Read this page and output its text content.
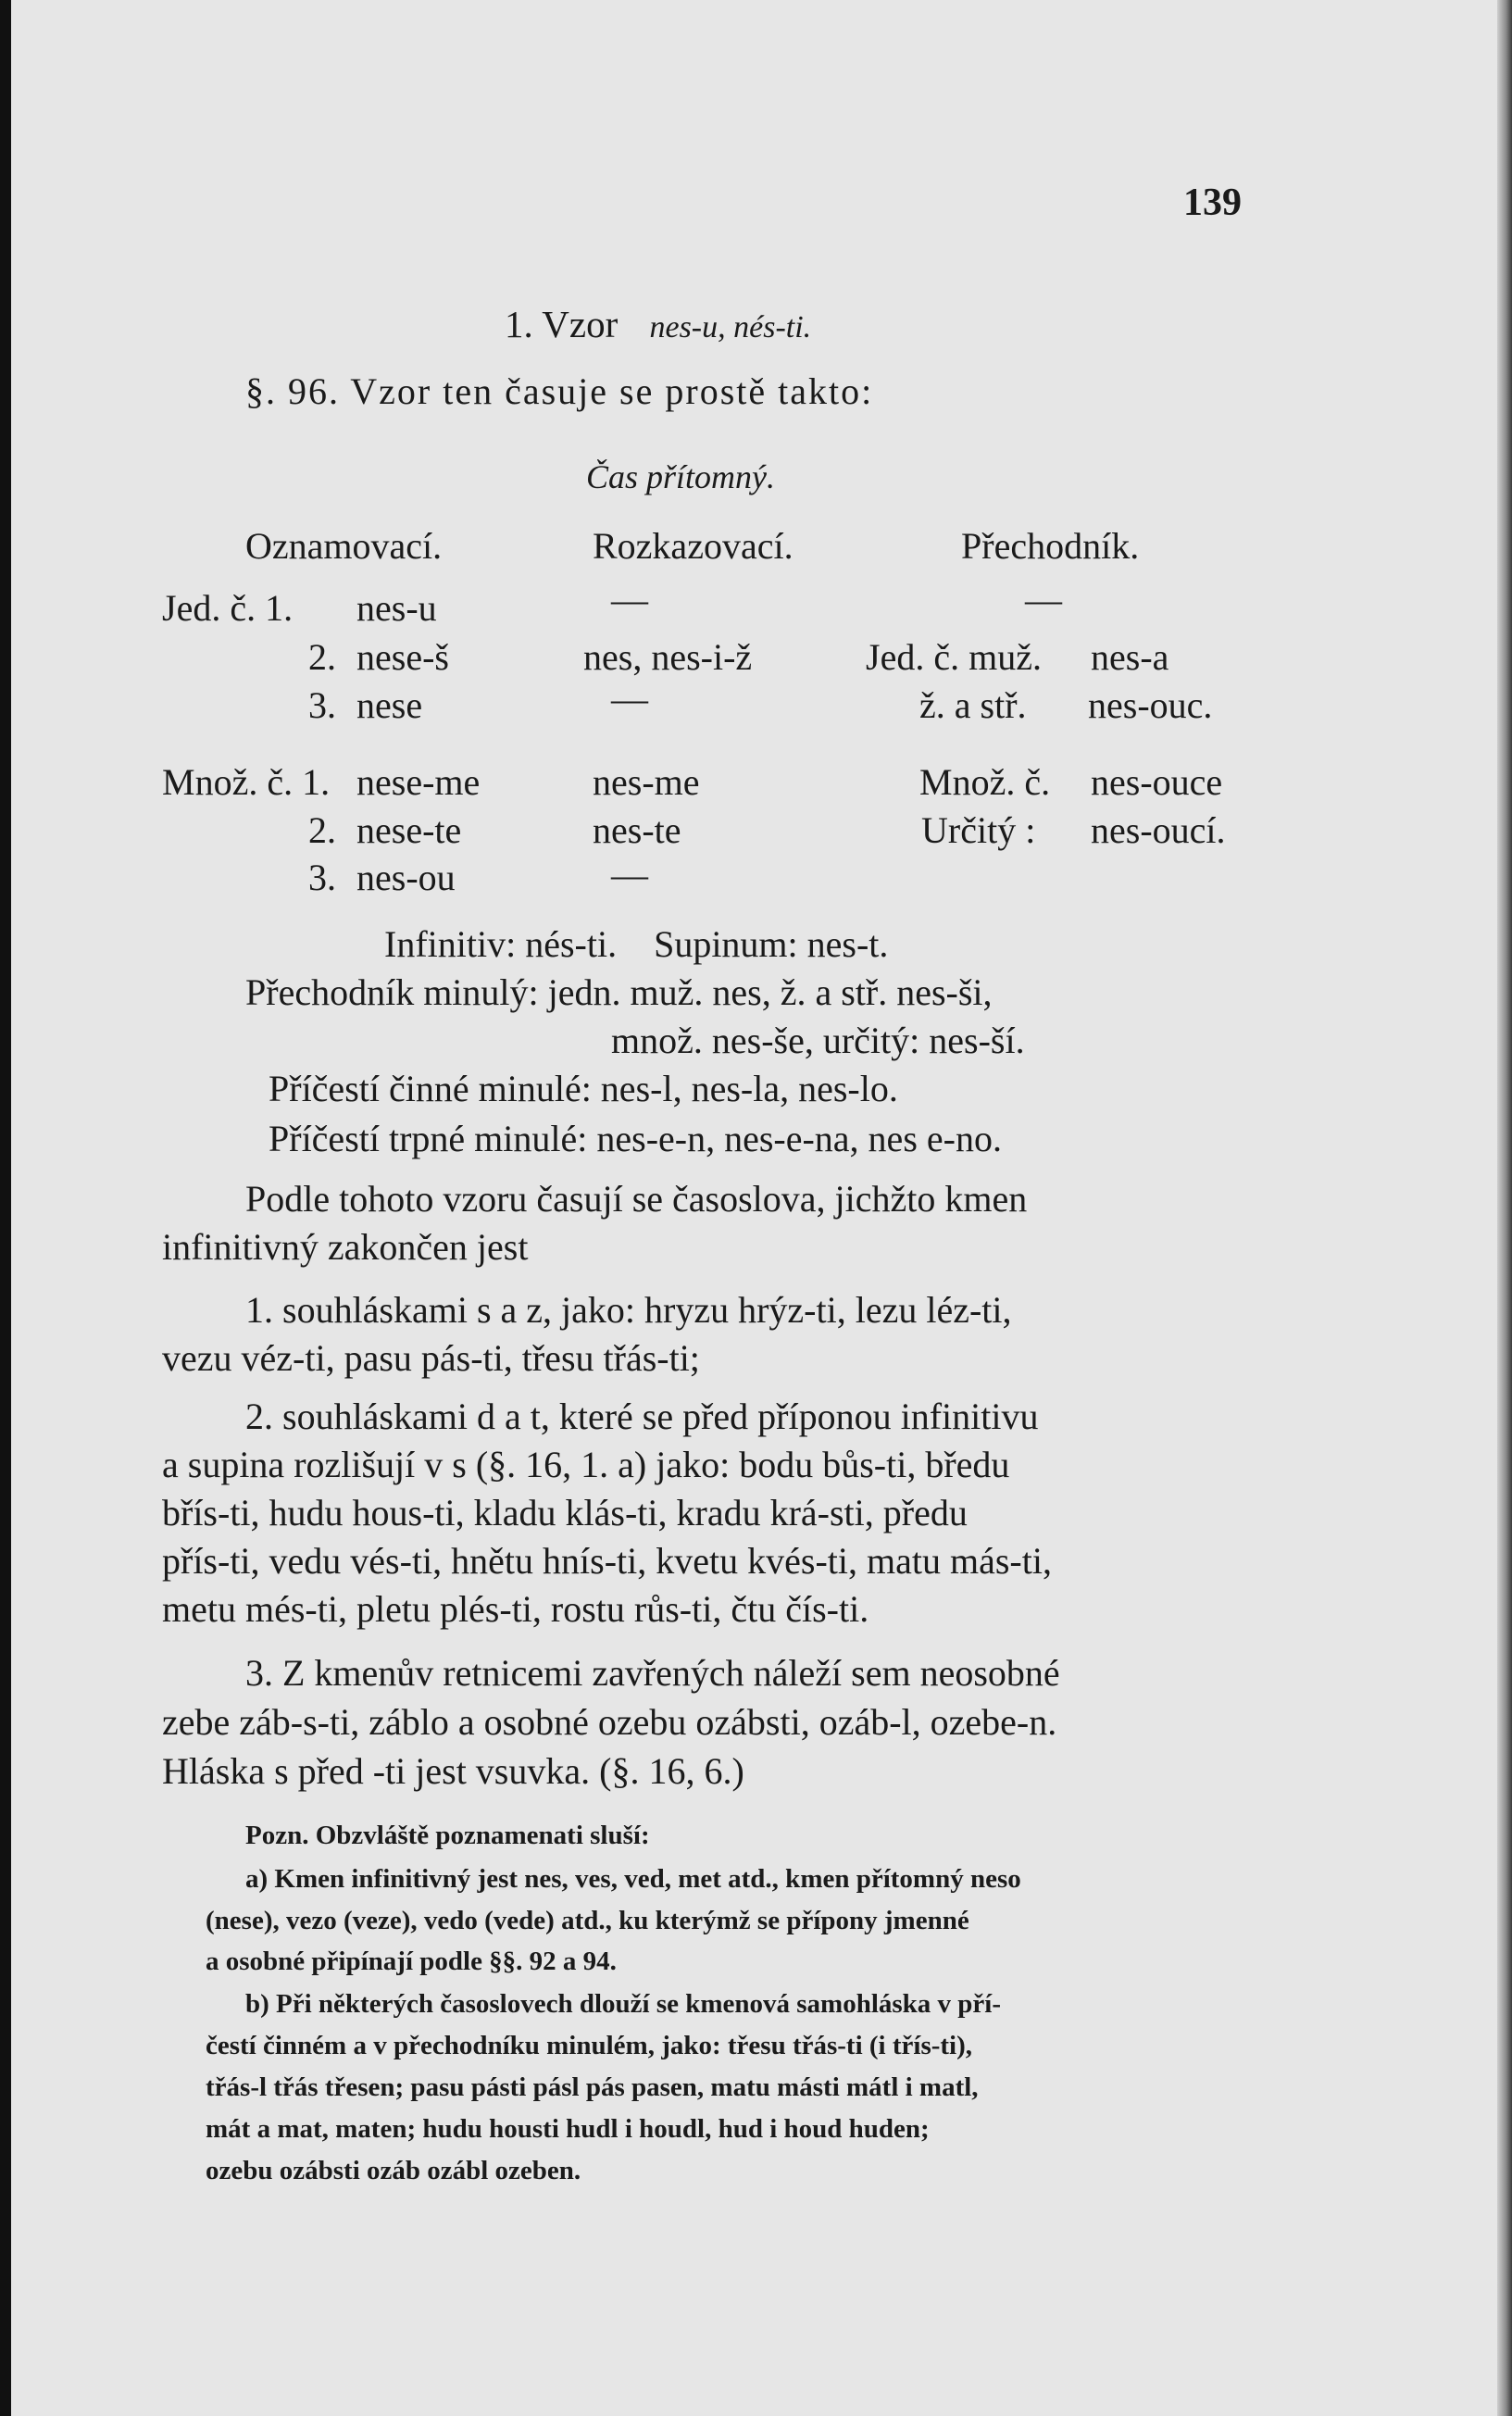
139
1. Vzor nes-u, nés-ti.
§. 96. Vzor ten časuje se prostě takto:
Čas přítomný.
Oznamovací.	Rozkazovací.	Přechodník.
Jed. č. 1. nes-u	—	—
2. nese-š	nes, nes-i-ž	Jed. č. muž. nes-a
3. nese	—	ž. a stř. nes-ouc.
Množ. č. 1. nese-me	nes-me	Množ. č. nes-ouce
2. nese-te	nes-te	Určitý : nes-oucí.
3. nes-ou	—
Infinitiv: nés-ti.    Supinum: nes-t.
Přechodník minulý: jedn. muž. nes, ž. a stř. nes-ši,
množ. nes-še, určitý: nes-ší.
Příčestí činné minulé: nes-l, nes-la, nes-lo.
Příčestí trpné minulé: nes-e-n, nes-e-na, nes e-no.
Podle tohoto vzoru časují se časoslova, jichžto kmen
infinitivný zakončen jest
1. souhláskami s a z, jako: hryzu hrýz-ti, lezu léz-ti,
vezu véz-ti, pasu pás-ti, třesu třás-ti;
2. souhláskami d a t, které se před příponou infinitivu
a supina rozlišují v s (§. 16, 1. a) jako: bodu bůs-ti, bředu
břís-ti, hudu hous-ti, kladu klás-ti, kradu krá-sti, předu
přís-ti, vedu vés-ti, hnětu hnís-ti, kvetu kvés-ti, matu más-ti,
metu més-ti, pletu plés-ti, rostu růs-ti, čtu čís-ti.
3. Z kmenův retnicemi zavřených náleží sem neosobné
zebe záb-s-ti, záblo a osobné ozebu ozábsti, ozáb-l, ozebe-n.
Hláska s před -ti jest vsuvka. (§. 16, 6.)
Pozn. Obzvláště poznamenati sluší:
a) Kmen infinitivný jest nes, ves, ved, met atd., kmen přítomný neso
(nese), vezo (veze), vedo (vede) atd., ku kterýmž se přípony jmenné
a osobné připínají podle §§. 92 a 94.
b) Při některých časoslovech dlouží se kmenová samohláska v pří-
čestí činném a v přechodníku minulém, jako: třesu třás-ti (i třís-ti),
třás-l třás třesen; pasu pásti pásl pás pasen, matu másti mátl i matl,
mát a mat, maten; hudu housti hudl i houdl, hud i houd huden;
ozebu ozábsti ozáb ozábl ozeben.
